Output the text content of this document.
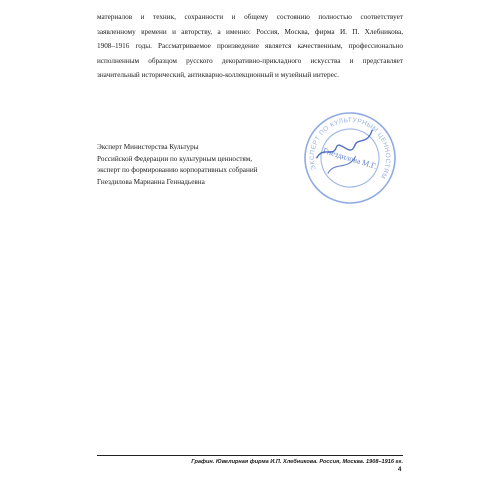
материалов и техник, сохранности и общему состоянию полностью соответствует
заявленному времени и авторству, а именно: Россия, Москва, фирма И. П. Хлебникова,
1908–1916 годы. Рассматриваемое произведение является качественным, профессионально
исполненным образцом русского декоративно-прикладного искусства и представляет
значительный исторический, антикварно-коллекционный и музейный интерес.

Эксперт Министерства Культуры
Российской Федерации по культурным ценностям,
эксперт по формированию корпоративных собраний
Гнездилова Марианна Геннадьевна
ЭКСПЕРТ ПО КУЛЬТУРНЫМ ЦЕННОСТЯМ
Гнездилова М.Г.
Графин. Ювелирная фирма И.П. Хлебникова. Россия, Москва. 1908–1916 гг.
4
